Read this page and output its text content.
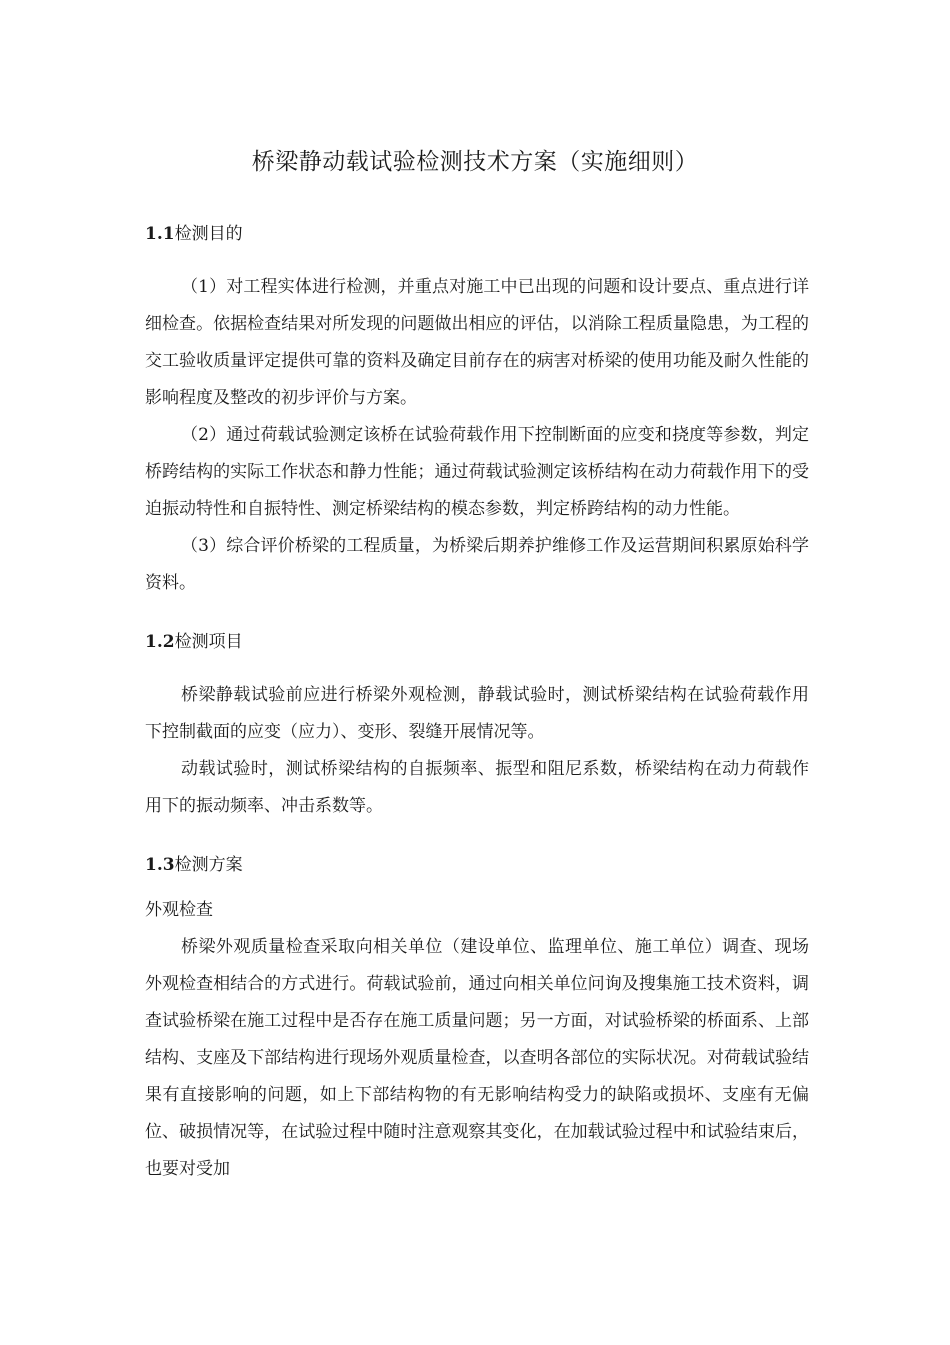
桥梁静动载试验检测技术方案（实施细则）
1.1检测目的

（1）对工程实体进行检测，并重点对施工中已出现的问题和设计要点、重点进行详细检查。依据检查结果对所发现的问题做出相应的评估，以消除工程质量隐患，为工程的交工验收质量评定提供可靠的资料及确定目前存在的病害对桥梁的使用功能及耐久性能的影响程度及整改的初步评价与方案。

（2）通过荷载试验测定该桥在试验荷载作用下控制断面的应变和挠度等参数，判定桥跨结构的实际工作状态和静力性能；通过荷载试验测定该桥结构在动力荷载作用下的受迫振动特性和自振特性、测定桥梁结构的模态参数，判定桥跨结构的动力性能。

（3）综合评价桥梁的工程质量，为桥梁后期养护维修工作及运营期间积累原始科学资料。

1.2检测项目

桥梁静载试验前应进行桥梁外观检测，静载试验时，测试桥梁结构在试验荷载作用下控制截面的应变（应力）、变形、裂缝开展情况等。

动载试验时，测试桥梁结构的自振频率、振型和阻尼系数，桥梁结构在动力荷载作用下的振动频率、冲击系数等。

1.3检测方案

外观检查

桥梁外观质量检查采取向相关单位（建设单位、监理单位、施工单位）调查、现场外观检查相结合的方式进行。荷载试验前，通过向相关单位问询及搜集施工技术资料，调查试验桥梁在施工过程中是否存在施工质量问题；另一方面，对试验桥梁的桥面系、上部结构、支座及下部结构进行现场外观质量检查，以查明各部位的实际状况。对荷载试验结果有直接影响的问题，如上下部结构物的有无影响结构受力的缺陷或损坏、支座有无偏位、破损情况等，在试验过程中随时注意观察其变化，在加载试验过程中和试验结束后，也要对受加
